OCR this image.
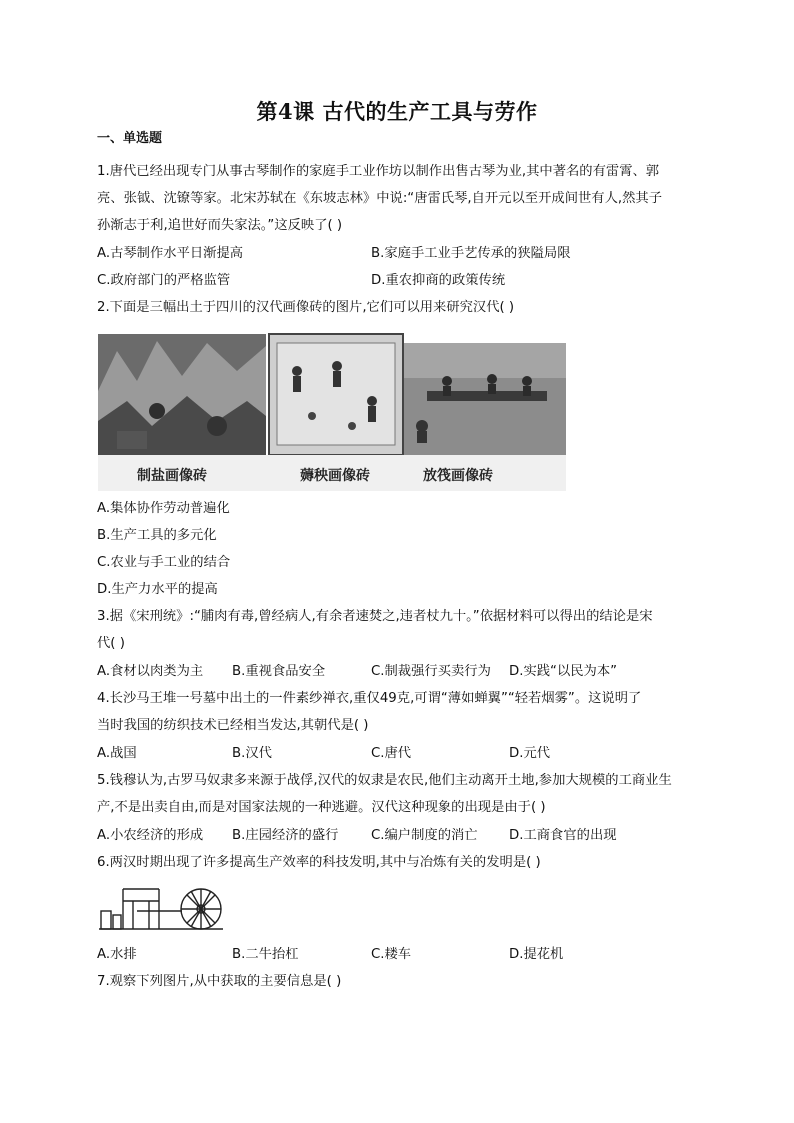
第4课 古代的生产工具与劳作
一、单选题
1.唐代已经出现专门从事古琴制作的家庭手工业作坊以制作出售古琴为业,其中著名的有雷霄、郭
亮、张钺、沈镣等家。北宋苏轼在《东坡志林》中说:“唐雷氏琴,自开元以至开成间世有人,然其子
孙渐志于利,追世好而失家法。”这反映了( )
A.古琴制作水平日渐提高	B.家庭手工业手艺传承的狭隘局限
C.政府部门的严格监管	D.重农抑商的政策传统
2.下面是三幅出土于四川的汉代画像砖的图片,它们可以用来研究汉代( )
制盐画像砖	薅秧画像砖	放筏画像砖
A.集体协作劳动普遍化
B.生产工具的多元化
C.农业与手工业的结合
D.生产力水平的提高
3.据《宋刑统》:“脯肉有毒,曾经病人,有余者速焚之,违者杖九十。”依据材料可以得出的结论是宋
代( )
A.食材以肉类为主 B.重视食品安全	C.制裁强行买卖行为 D.实践“以民为本”
4.长沙马王堆一号墓中出土的一件素纱禅衣,重仅49克,可谓“薄如蝉翼”“轻若烟雾”。这说明了
当时我国的纺织技术已经相当发达,其朝代是( )
A.战国	B.汉代	C.唐代	D.元代
5.钱穆认为,古罗马奴隶多来源于战俘,汉代的奴隶是农民,他们主动离开土地,参加大规模的工商业生
产,不是出卖自由,而是对国家法规的一种逃避。汉代这种现象的出现是由于( )
A.小农经济的形成 B.庄园经济的盛行 C.编户制度的消亡 D.工商食官的出现
6.两汉时期出现了许多提高生产效率的科技发明,其中与冶炼有关的发明是( )
A.水排	B.二牛抬杠	C.耧车	D.提花机
7.观察下列图片,从中获取的主要信息是( )
